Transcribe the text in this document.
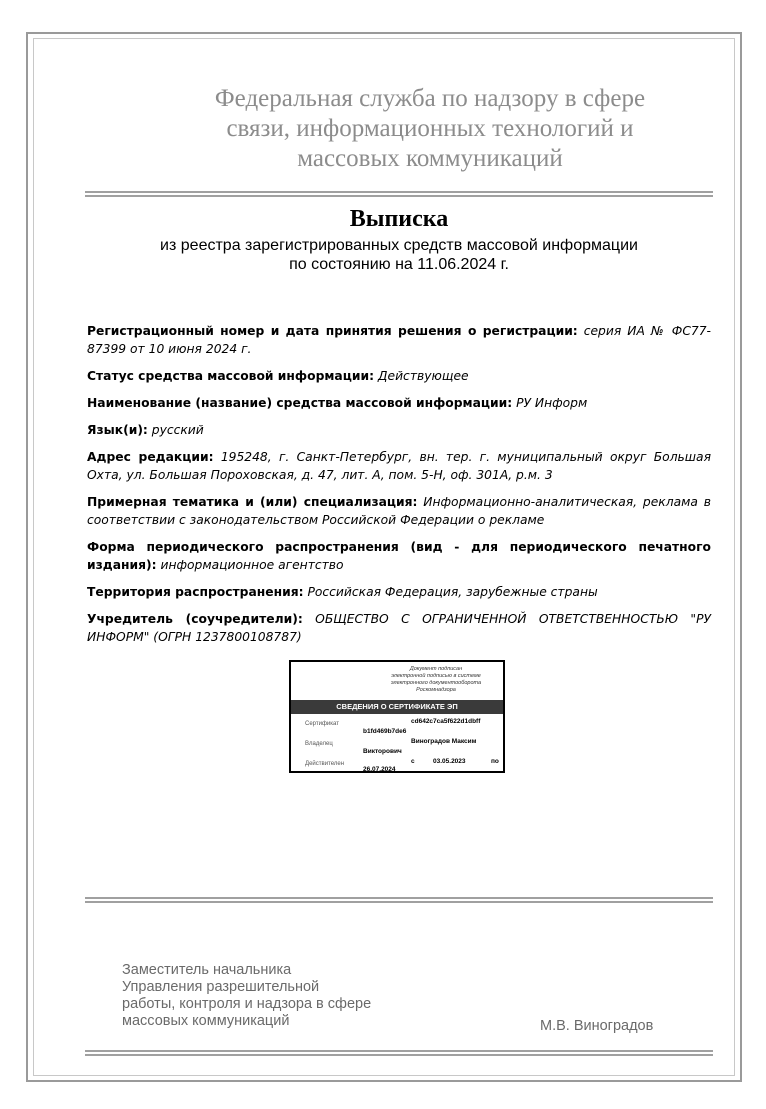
Федеральная служба по надзору в сфере
связи, информационных технологий и
массовых коммуникаций
Выписка
из реестра зарегистрированных средств массовой информации
по состоянию на 11.06.2024 г.

Регистрационный номер и дата принятия решения о регистрации: серия ИА № ФС77-87399 от 10 июня 2024 г.

Статус средства массовой информации: Действующее

Наименование (название) средства массовой информации: РУ Информ

Язык(и): русский

Адрес редакции: 195248, г. Санкт-Петербург, вн. тер. г. муниципальный округ Большая Охта, ул. Большая Пороховская, д. 47, лит. А, пом. 5-Н, оф. 301А, р.м. 3

Примерная тематика и (или) специализация: Информационно-аналитическая, реклама в соответствии с законодательством Российской Федерации о рекламе

Форма периодического распространения (вид - для периодического печатного издания): информационное агентство

Территория распространения: Российская Федерация, зарубежные страны

Учредитель (соучредители): ОБЩЕСТВО С ОГРАНИЧЕННОЙ ОТВЕТСТВЕННОСТЬЮ "РУ ИНФОРМ" (ОГРН 1237800108787)

Документ подписан
электронной подписью в системе
электронного документооборота
Роскомнадзора
СВЕДЕНИЯ О СЕРТИФИКАТЕ ЭП
Сертификат	cd642c7ca5f622d1dbff
b1fd469b7de6
Владелец	Виноградов Максим
Викторович
Действителен	с	03.05.2023	по
26.07.2024
Заместитель начальника
Управления разрешительной
работы, контроля и надзора в сфере
массовых коммуникаций	М.В. Виноградов
